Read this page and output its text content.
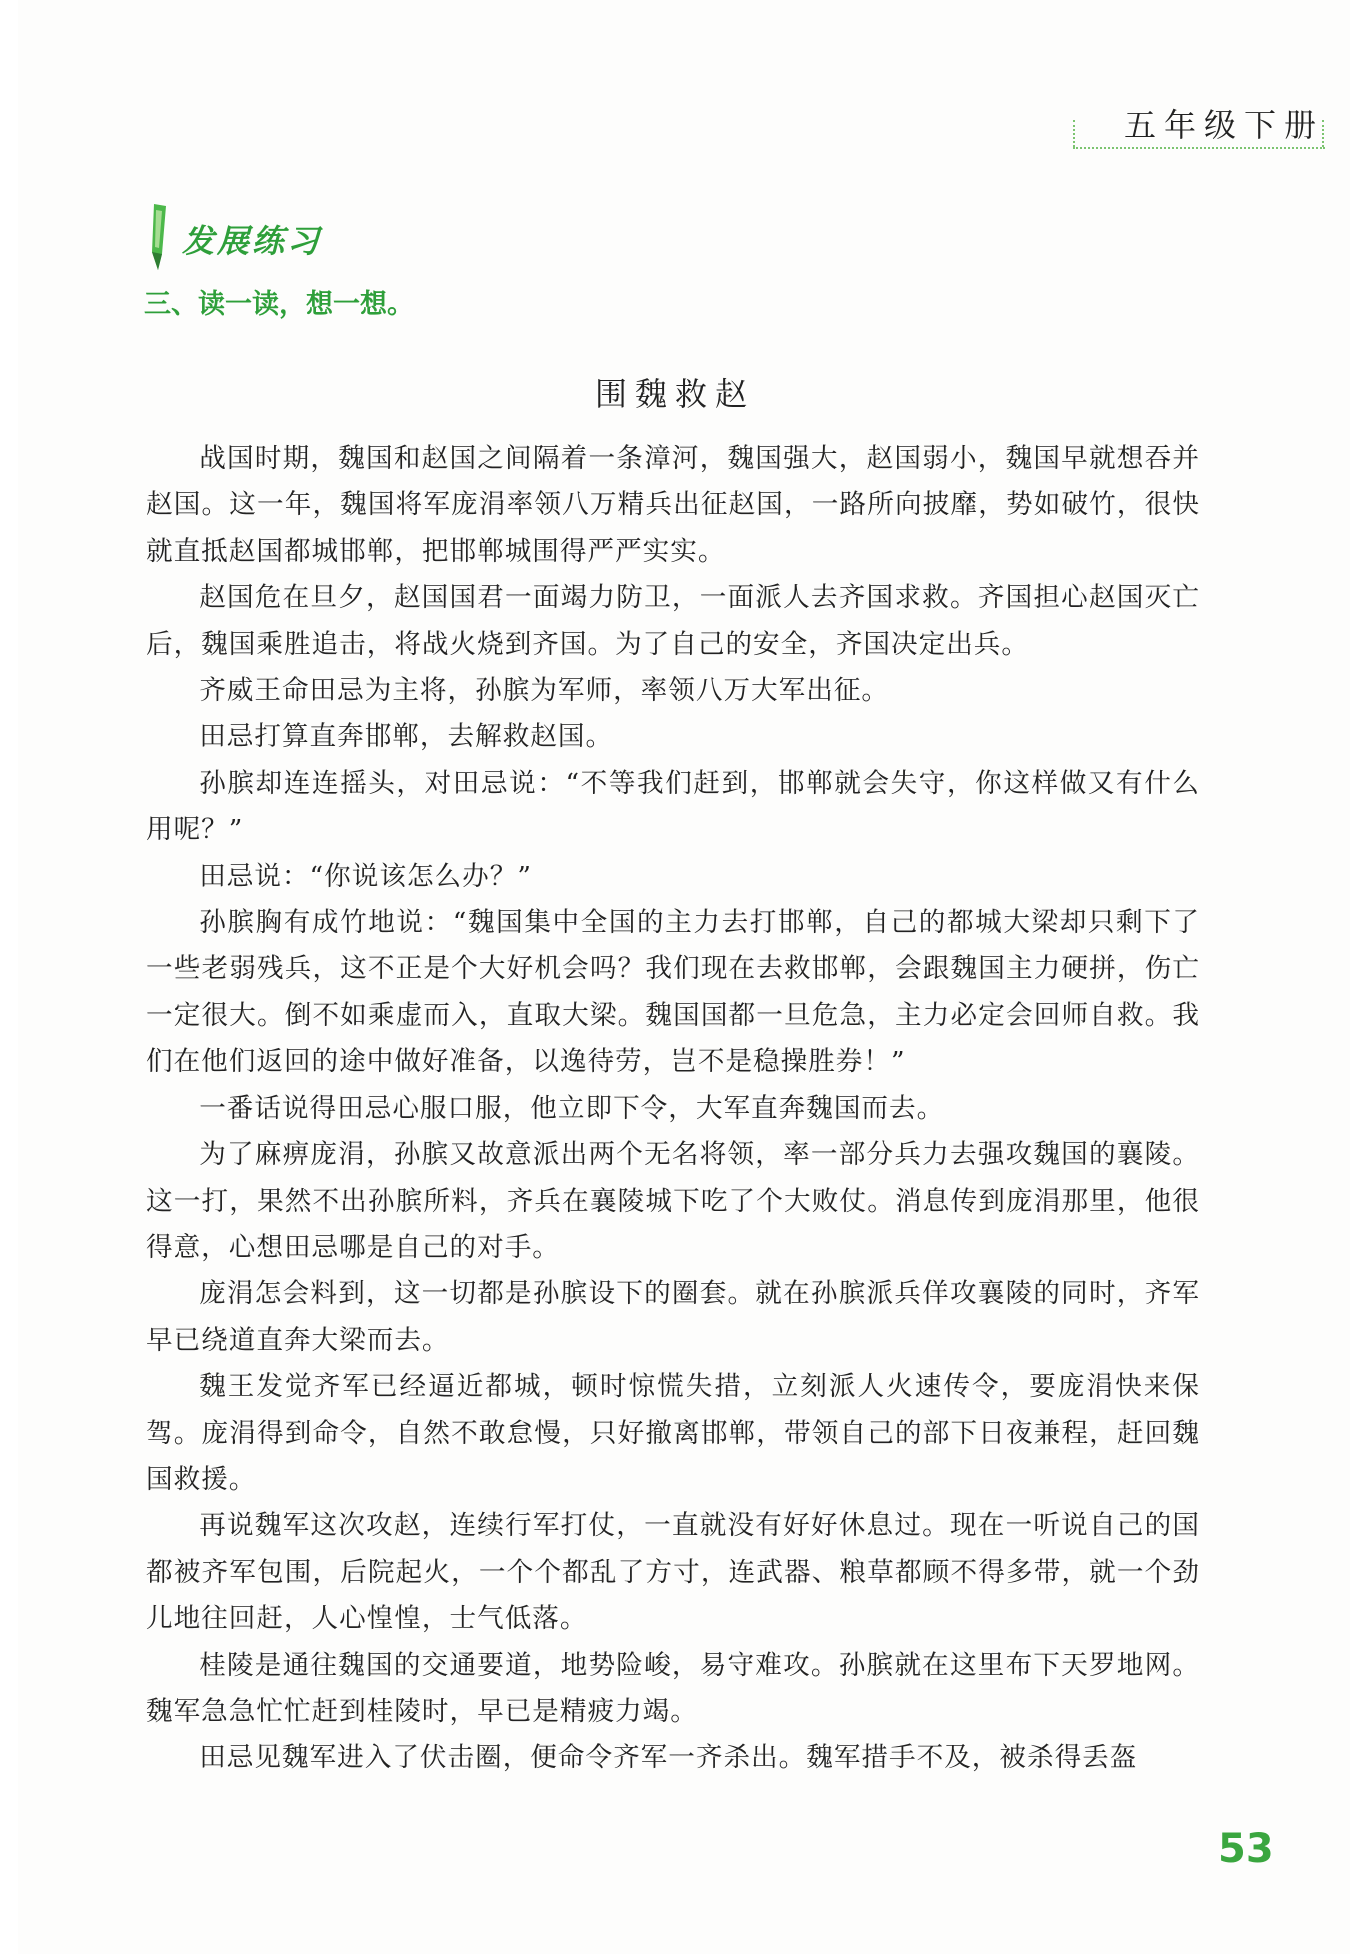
五年级下册
发展练习
三、读一读，想一想。
围魏救赵

战国时期，魏国和赵国之间隔着一条漳河，魏国强大，赵国弱小，魏国早就想吞并赵国。这一年，魏国将军庞涓率领八万精兵出征赵国，一路所向披靡，势如破竹，很快就直抵赵国都城邯郸，把邯郸城围得严严实实。

赵国危在旦夕，赵国国君一面竭力防卫，一面派人去齐国求救。齐国担心赵国灭亡后，魏国乘胜追击，将战火烧到齐国。为了自己的安全，齐国决定出兵。

齐威王命田忌为主将，孙膑为军师，率领八万大军出征。

田忌打算直奔邯郸，去解救赵国。

孙膑却连连摇头，对田忌说：“不等我们赶到，邯郸就会失守，你这样做又有什么用呢？”

田忌说：“你说该怎么办？”

孙膑胸有成竹地说：“魏国集中全国的主力去打邯郸，自己的都城大梁却只剩下了一些老弱残兵，这不正是个大好机会吗？我们现在去救邯郸，会跟魏国主力硬拼，伤亡一定很大。倒不如乘虚而入，直取大梁。魏国国都一旦危急，主力必定会回师自救。我们在他们返回的途中做好准备，以逸待劳，岂不是稳操胜券！”

一番话说得田忌心服口服，他立即下令，大军直奔魏国而去。

为了麻痹庞涓，孙膑又故意派出两个无名将领，率一部分兵力去强攻魏国的襄陵。这一打，果然不出孙膑所料，齐兵在襄陵城下吃了个大败仗。消息传到庞涓那里，他很得意，心想田忌哪是自己的对手。

庞涓怎会料到，这一切都是孙膑设下的圈套。就在孙膑派兵佯攻襄陵的同时，齐军早已绕道直奔大梁而去。

魏王发觉齐军已经逼近都城，顿时惊慌失措，立刻派人火速传令，要庞涓快来保驾。庞涓得到命令，自然不敢怠慢，只好撤离邯郸，带领自己的部下日夜兼程，赶回魏国救援。

再说魏军这次攻赵，连续行军打仗，一直就没有好好休息过。现在一听说自己的国都被齐军包围，后院起火，一个个都乱了方寸，连武器、粮草都顾不得多带，就一个劲儿地往回赶，人心惶惶，士气低落。

桂陵是通往魏国的交通要道，地势险峻，易守难攻。孙膑就在这里布下天罗地网。魏军急急忙忙赶到桂陵时，早已是精疲力竭。

田忌见魏军进入了伏击圈，便命令齐军一齐杀出。魏军措手不及，被杀得丢盔

53
